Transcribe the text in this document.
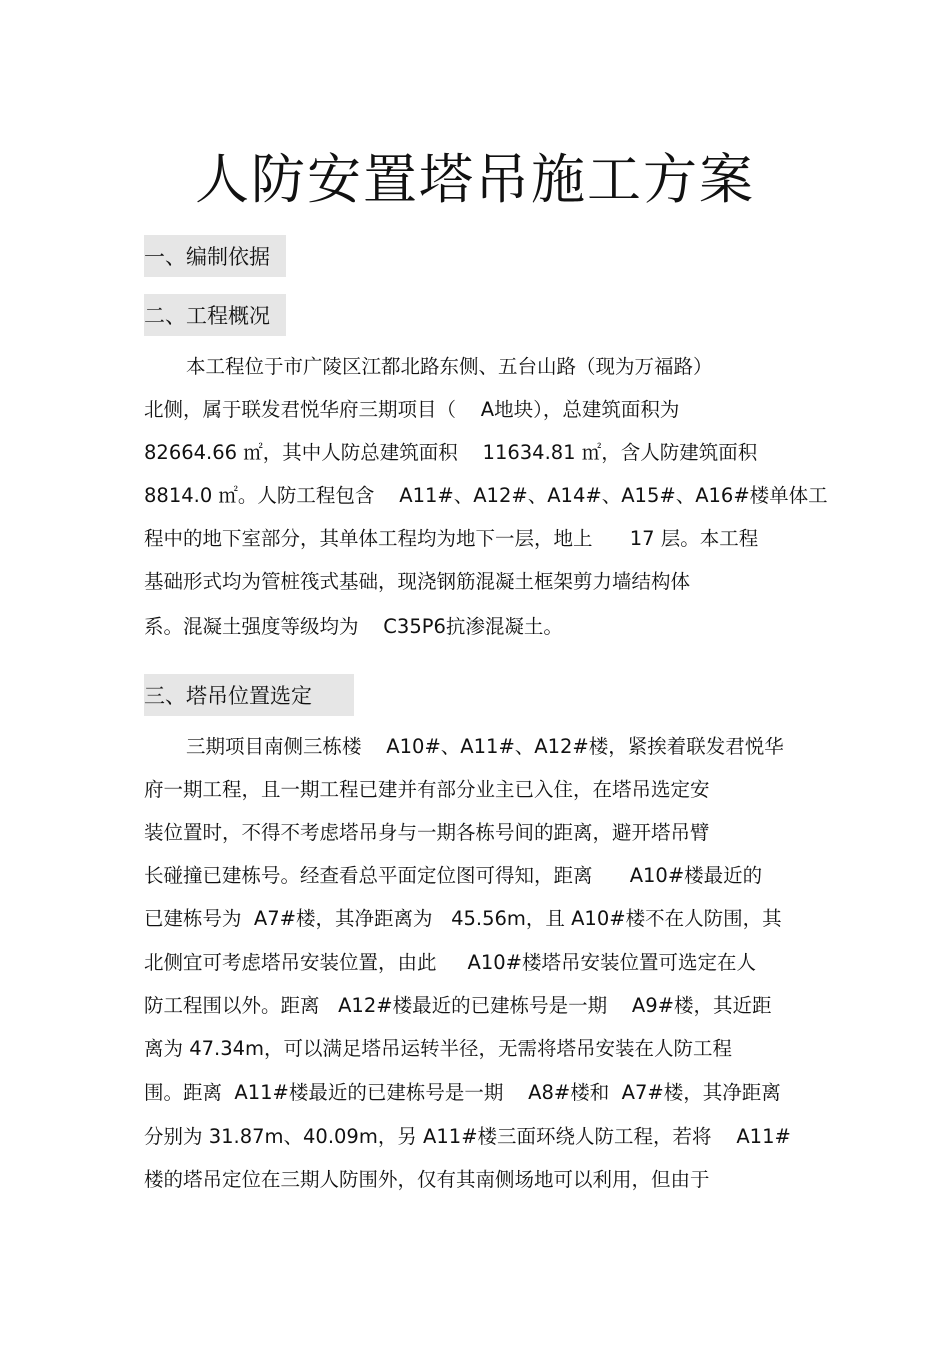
人防安置塔吊施工方案
一、编制依据
二、工程概况

本工程位于市广陵区江都北路东侧、五台山路（现为万福路）

北侧，属于联发君悦华府三期项目（    A地块），总建筑面积为

82664.66 ㎡，其中人防总建筑面积    11634.81 ㎡，含人防建筑面积

8814.0 ㎡。人防工程包含    A11#、A12#、A14#、A15#、A16#楼单体工

程中的地下室部分，其单体工程均为地下一层，地上      17 层。本工程

基础形式均为管桩筏式基础，现浇钢筋混凝土框架剪力墙结构体

系。混凝土强度等级均为    C35P6抗渗混凝土。

三、塔吊位置选定

三期项目南侧三栋楼    A10#、A11#、A12#楼，紧挨着联发君悦华

府一期工程，且一期工程已建并有部分业主已入住，在塔吊选定安

装位置时，不得不考虑塔吊身与一期各栋号间的距离，避开塔吊臂

长碰撞已建栋号。经查看总平面定位图可得知，距离      A10#楼最近的

已建栋号为  A7#楼，其净距离为   45.56m，且 A10#楼不在人防围，其

北侧宜可考虑塔吊安装位置，由此     A10#楼塔吊安装位置可选定在人

防工程围以外。距离   A12#楼最近的已建栋号是一期    A9#楼，其近距

离为 47.34m，可以满足塔吊运转半径，无需将塔吊安装在人防工程

围。距离  A11#楼最近的已建栋号是一期    A8#楼和  A7#楼，其净距离

分别为 31.87m、40.09m，另 A11#楼三面环绕人防工程，若将    A11#

楼的塔吊定位在三期人防围外，仅有其南侧场地可以利用，但由于
